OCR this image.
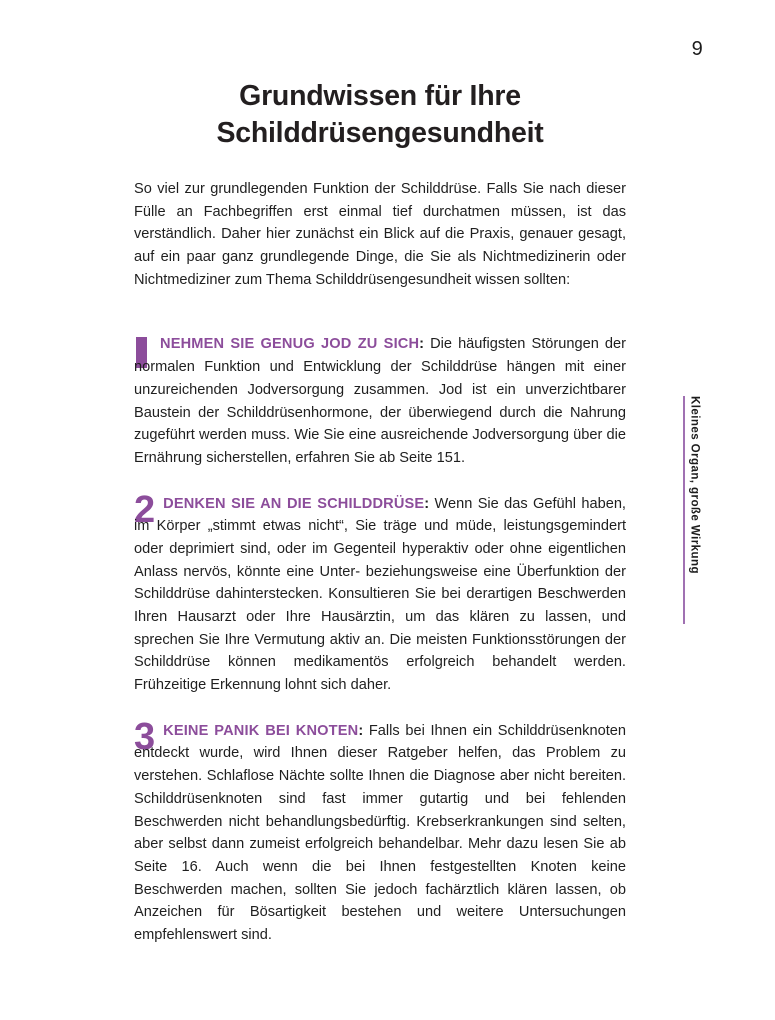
9
Grundwissen für Ihre
Schilddrüsengesundheit

So viel zur grundlegenden Funktion der Schilddrüse. Falls Sie nach dieser Fülle an Fachbegriffen erst einmal tief durchatmen müssen, ist das verständlich. Daher hier zunächst ein Blick auf die Praxis, genauer gesagt, auf ein paar ganz grundlegende Dinge, die Sie als Nichtmedizinerin oder Nichtmediziner zum Thema Schilddrüsengesundheit wissen sollten:

NEHMEN SIE GENUG JOD ZU SICH: Die häufigsten Störungen der normalen Funktion und Entwicklung der Schilddrüse hängen mit einer unzureichenden Jodversorgung zusammen. Jod ist ein unverzichtbarer Baustein der Schilddrüsenhormone, der überwiegend durch die Nahrung zugeführt werden muss. Wie Sie eine ausreichende Jodversorgung über die Ernährung sicherstellen, erfahren Sie ab Seite 151.

2 DENKEN SIE AN DIE SCHILDDRÜSE: Wenn Sie das Gefühl haben, im Körper „stimmt etwas nicht“, Sie träge und müde, leistungsgemindert oder deprimiert sind, oder im Gegenteil hyperaktiv oder ohne eigentlichen Anlass nervös, könnte eine Unter- beziehungsweise eine Überfunktion der Schilddrüse dahinterstecken. Konsultieren Sie bei derartigen Beschwerden Ihren Hausarzt oder Ihre Hausärztin, um das klären zu lassen, und sprechen Sie Ihre Vermutung aktiv an. Die meisten Funktionsstörungen der Schilddrüse können medikamentös erfolgreich behandelt werden. Frühzeitige Erkennung lohnt sich daher.

3 KEINE PANIK BEI KNOTEN: Falls bei Ihnen ein Schilddrüsenknoten entdeckt wurde, wird Ihnen dieser Ratgeber helfen, das Problem zu verstehen. Schlaflose Nächte sollte Ihnen die Diagnose aber nicht bereiten. Schilddrüsenknoten sind fast immer gutartig und bei fehlenden Beschwerden nicht behandlungsbedürftig. Krebserkrankungen sind selten, aber selbst dann zumeist erfolgreich behandelbar. Mehr dazu lesen Sie ab Seite 16. Auch wenn die bei Ihnen festgestellten Knoten keine Beschwerden machen, sollten Sie jedoch fachärztlich klären lassen, ob Anzeichen für Bösartigkeit bestehen und weitere Untersuchungen empfehlenswert sind.

Kleines Organ, große Wirkung
